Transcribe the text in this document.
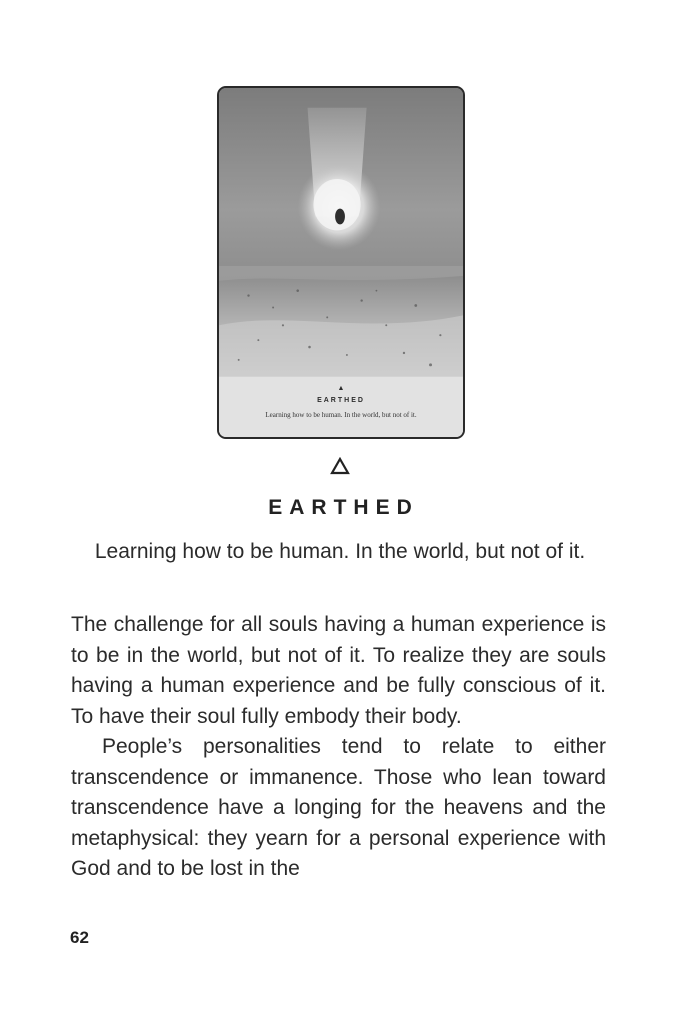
▲
EARTHED
Learning how to be human. In the world, but not of it.
EARTHED
Learning how to be human. In the world, but not of it.

The challenge for all souls having a human experience is to be in the world, but not of it. To realize they are souls having a human experience and be fully conscious of it. To have their soul fully embody their body.

People’s personalities tend to relate to either transcendence or immanence. Those who lean toward transcendence have a longing for the heavens and the metaphysical: they yearn for a personal experience with God and to be lost in the

62
